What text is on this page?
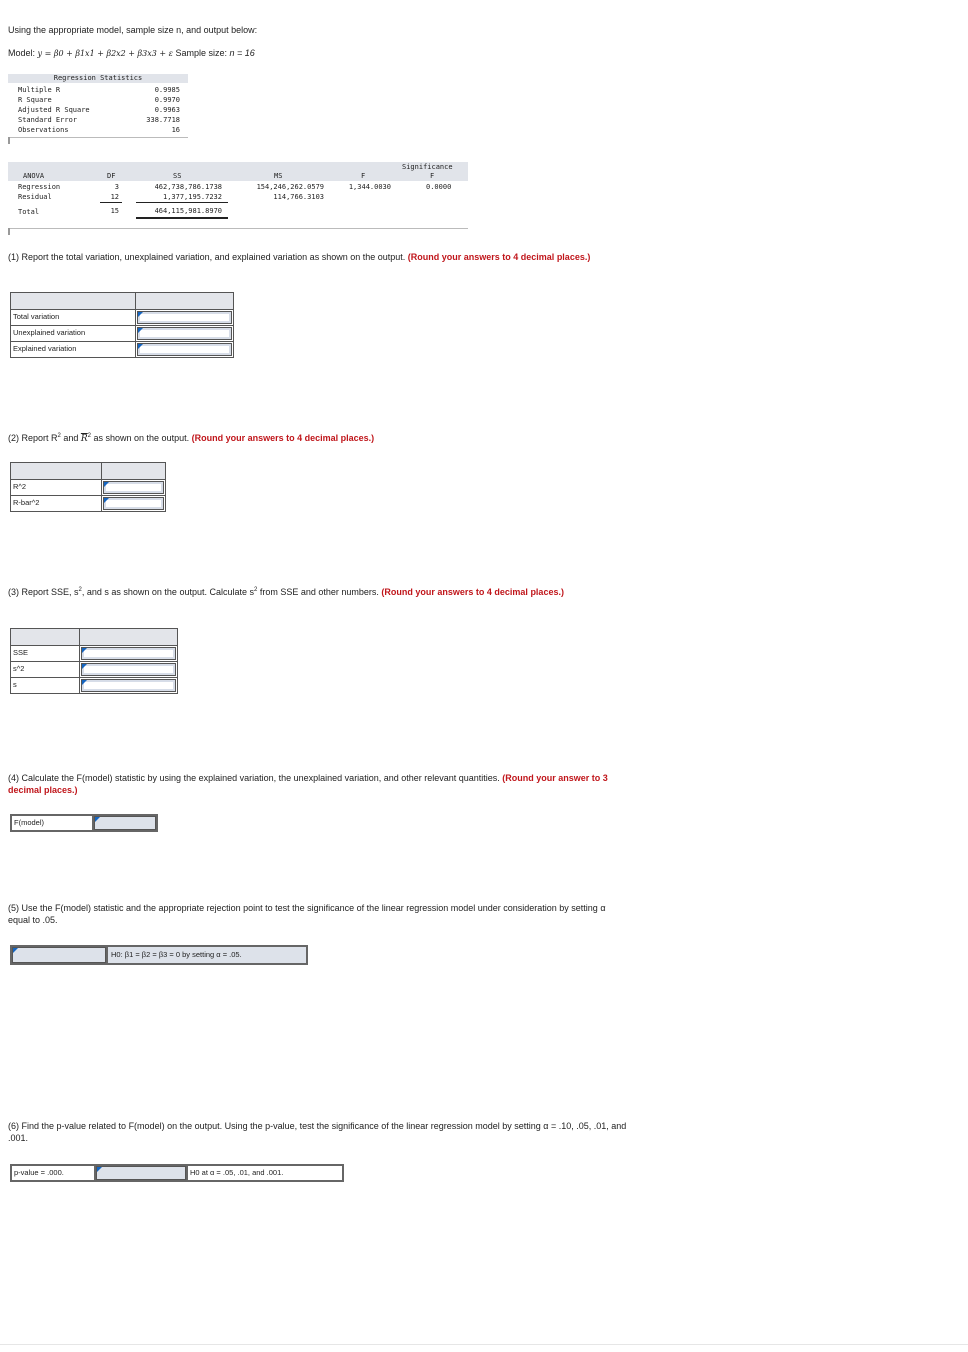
Using the appropriate model, sample size n, and output below:
Model: y = β0 + β1x1 + β2x2 + β3x3 + ε Sample size: n = 16
Regression Statistics
Multiple R	0.9985
R Square	0.9970
Adjusted R Square	0.9963
Standard Error	338.7718
Observations	16
Significance
ANOVA	DF	SS	MS	F	F
Regression	3	462,738,786.1738	154,246,262.0579	1,344.0030	0.0000
Residual	12	1,377,195.7232	114,766.3103
Total	15	464,115,981.8970
(1) Report the total variation, unexplained variation, and explained variation as shown on the output. (Round your answers to 4 decimal places.)
Total variation
Unexplained variation
Explained variation
(2) Report $R^2$ and $\overline{R}^2$ as shown on the output. (Round your answers to 4 decimal places.)
R^2
R-bar^2
(3) Report SSE, $s^2$, and s as shown on the output. Calculate $s^2$ from SSE and other numbers. (Round your answers to 4 decimal places.)
SSE
s^2
s
(4) Calculate the F(model) statistic by using the explained variation, the unexplained variation, and other relevant quantities. (Round your answer to 3 decimal places.)
F(model)
(5) Use the F(model) statistic and the appropriate rejection point to test the significance of the linear regression model under consideration by setting α equal to .05.
H0: β1 = β2 = β3 = 0 by setting α = .05.
(6) Find the p-value related to F(model) on the output. Using the p-value, test the significance of the linear regression model by setting α = .10, .05, .01, and .001.
p-value = .000.	H0 at α = .05, .01, and .001.
